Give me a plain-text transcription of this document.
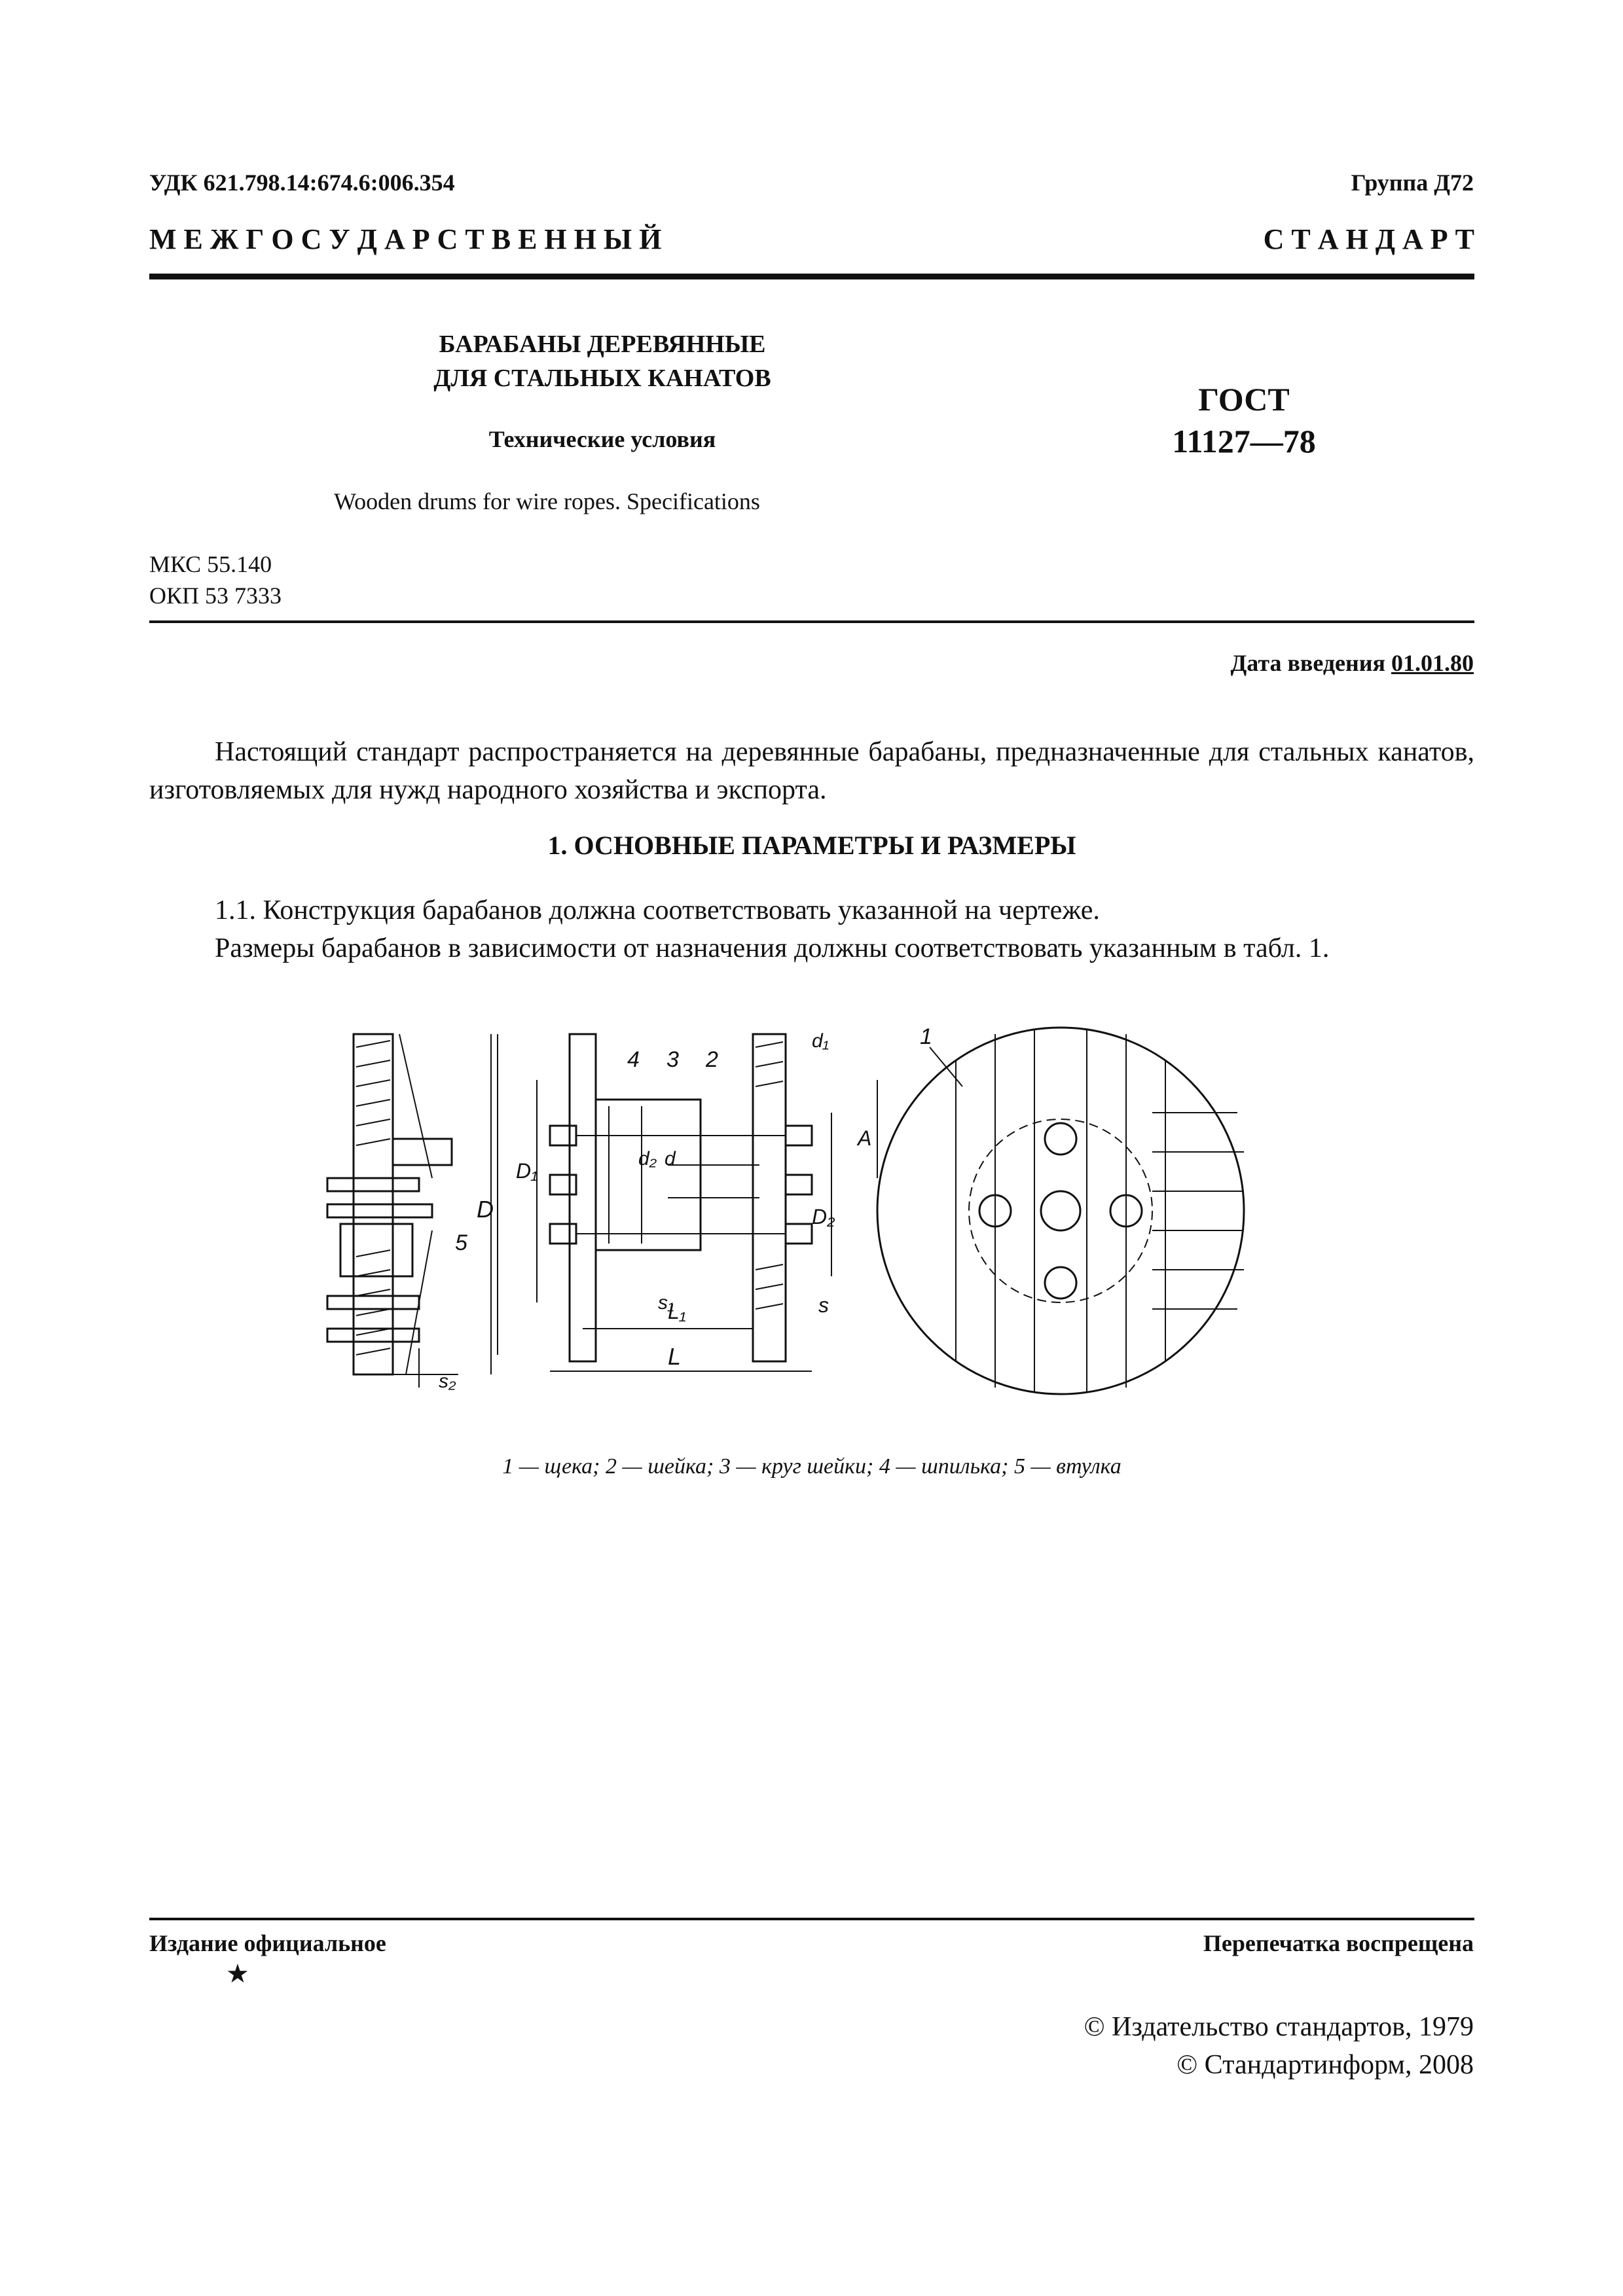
УДК 621.798.14:674.6:006.354	Группа Д72
М Е Ж Г О С У Д А Р С Т В Е Н Н Ы Й	С Т А Н Д А Р Т
БАРАБАНЫ ДЕРЕВЯННЫЕ
ДЛЯ СТАЛЬНЫХ КАНАТОВ
Технические условия
ГОСТ
11127—78
Wooden drums for wire ropes. Specifications
МКС 55.140
ОКП 53 7333
Дата введения 01.01.80
Настоящий стандарт распространяется на деревянные барабаны, предназначенные для стальных канатов, изготовляемых для нужд народного хозяйства и экспорта.
1. ОСНОВНЫЕ ПАРАМЕТРЫ И РАЗМЕРЫ
1.1. Конструкция барабанов должна соответствовать указанной на чертеже.
Размеры барабанов в зависимости от назначения должны соответствовать указанным в табл. 1.
s₂
5
D
D₁
D₂
A
L₁
L
s
s₁
d
d₂
d₁
4 3 2
1
1 — щека; 2 — шейка; 3 — круг шейки; 4 — шпилька; 5 — втулка
Издание официальное
★
Перепечатка воспрещена
© Издательство стандартов, 1979
© Стандартинформ, 2008
